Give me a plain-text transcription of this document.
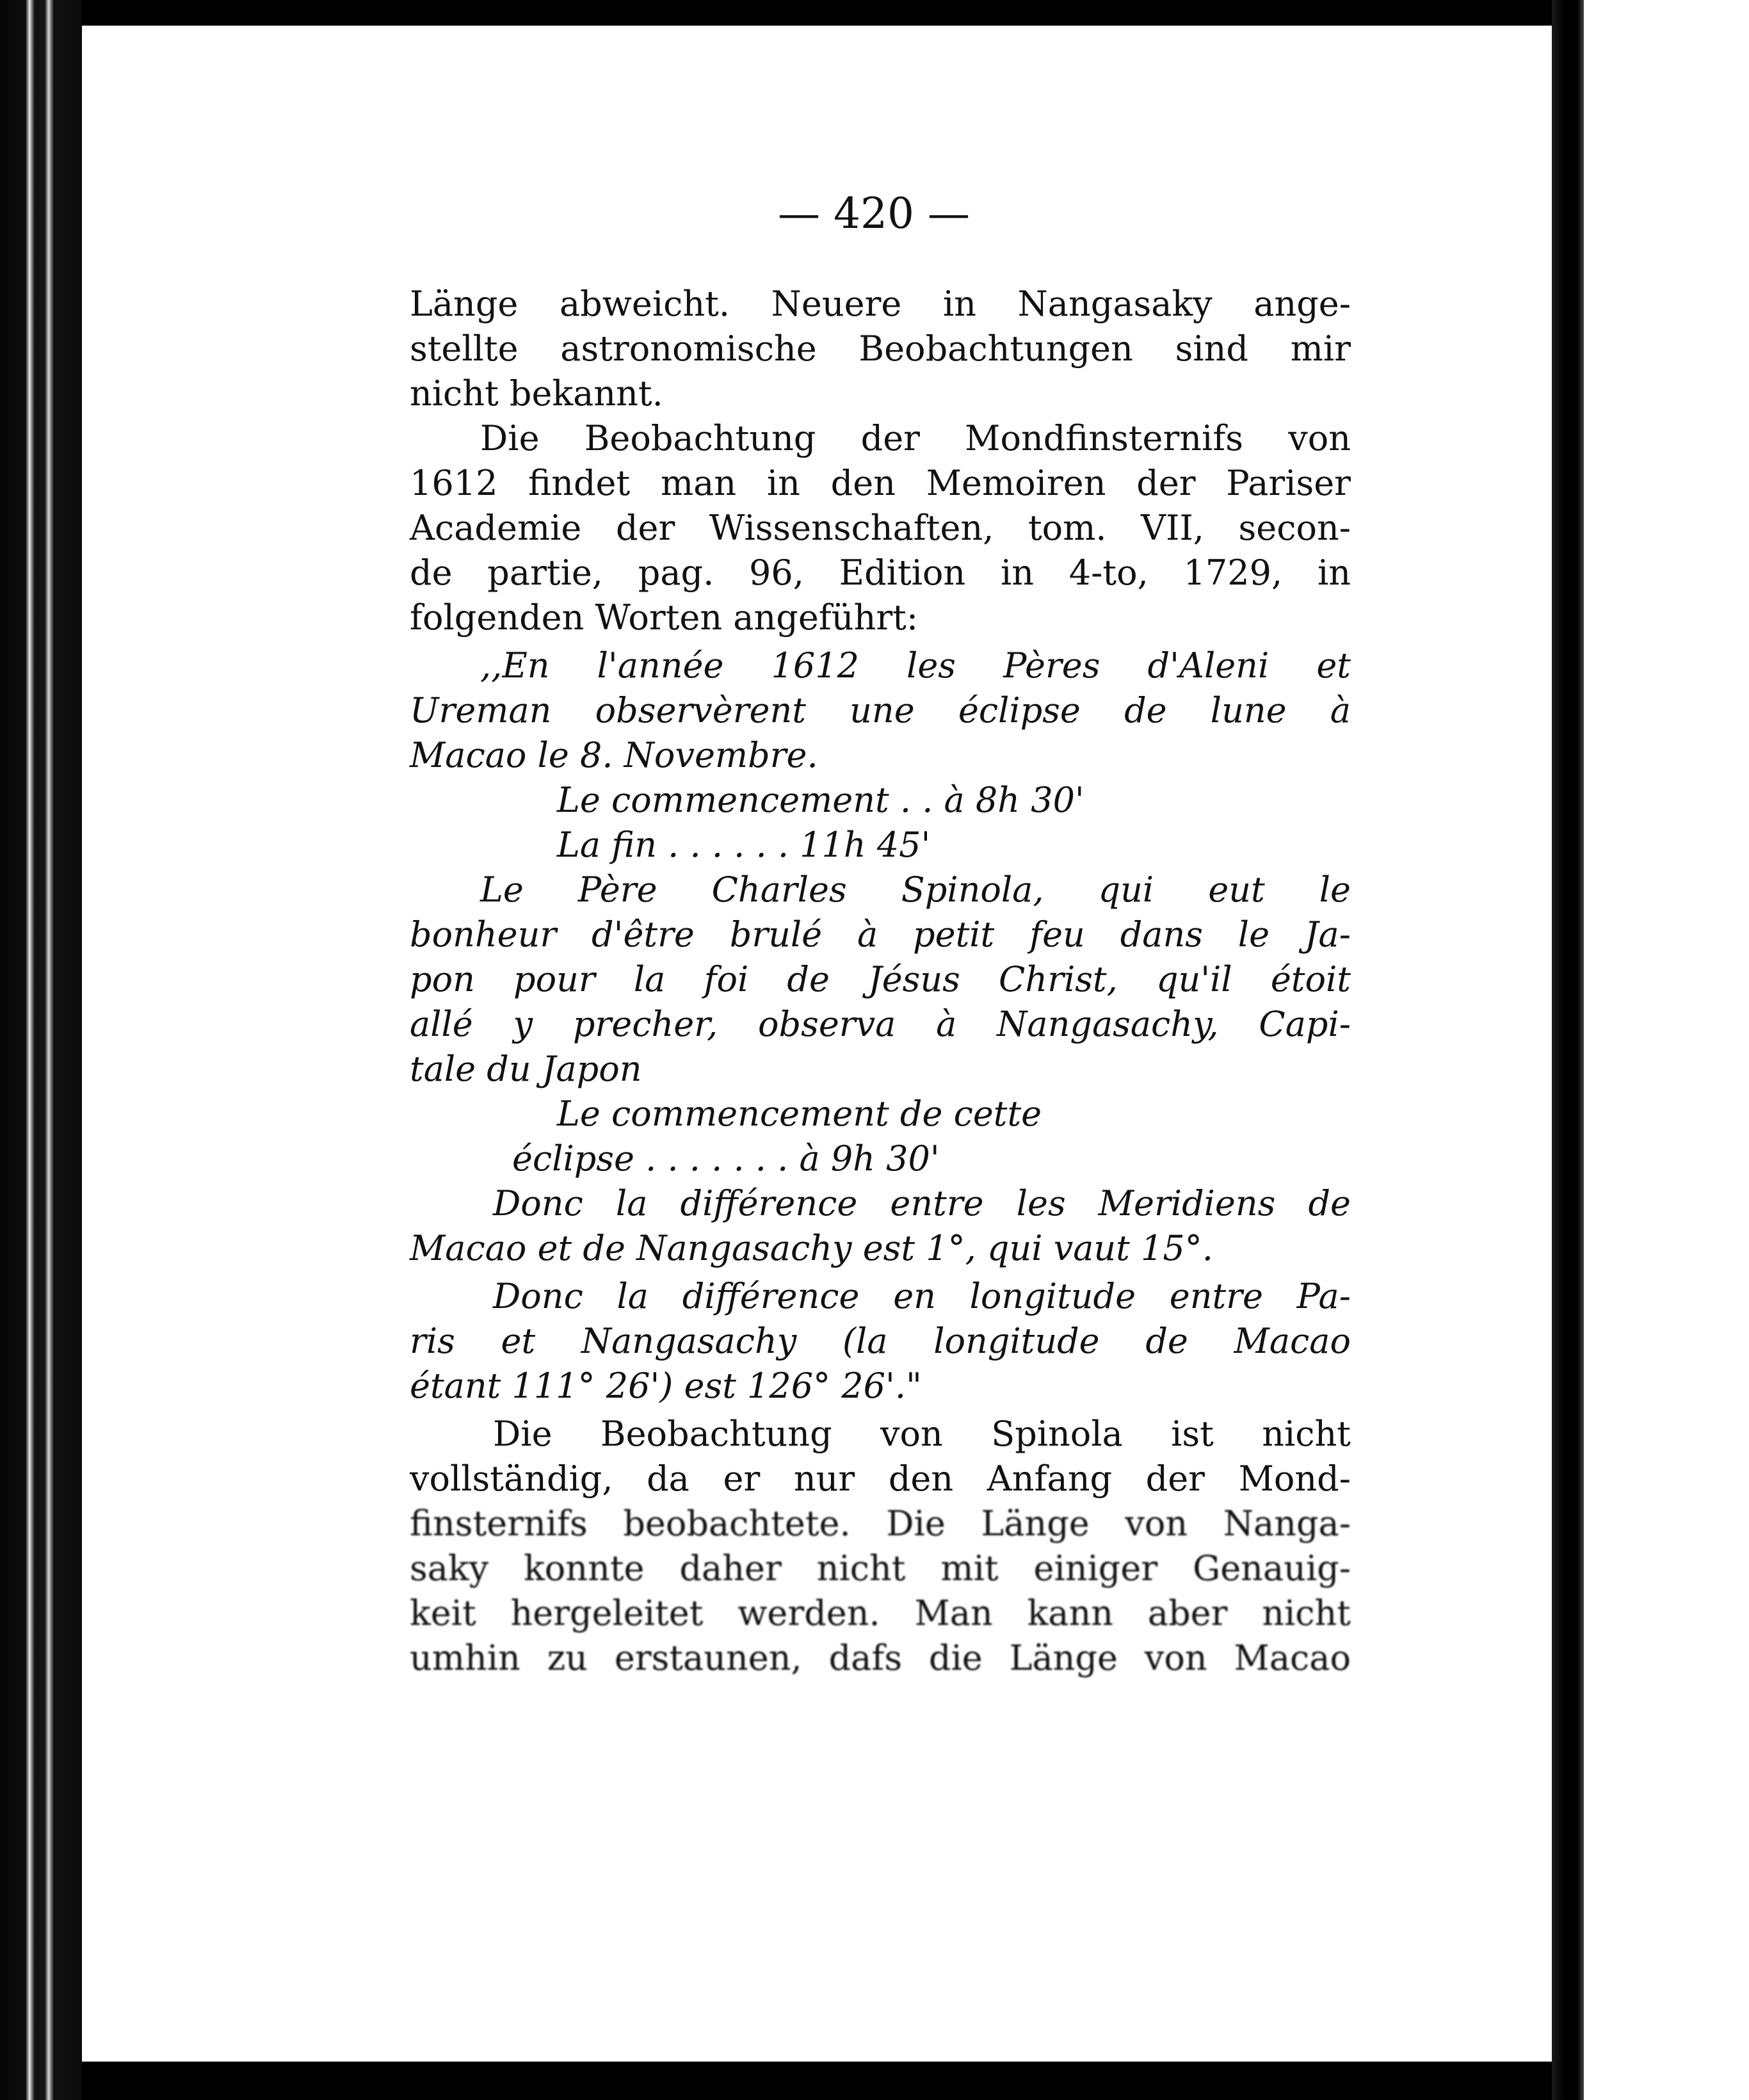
— 420 —
Länge abweicht. Neuere in Nangasaky ange-
stellte astronomische Beobachtungen sind mir
nicht bekannt.
Die Beobachtung der Mondfinsternifs von
1612 findet man in den Memoiren der Pariser
Academie der Wissenschaften, tom. VII, secon-
de partie, pag. 96, Edition in 4-to, 1729, in
folgenden Worten angeführt:
,,En l'année 1612 les Pères d'Aleni et
Ureman observèrent une éclipse de lune à
Macao le 8. Novembre.
Le commencement . . à 8h 30'
La fin . . . . . . 11h 45'
Le Père Charles Spinola, qui eut le
bonheur d'être brulé à petit feu dans le Ja-
pon pour la foi de Jésus Christ, qu'il étoit
allé y precher, observa à Nangasachy, Capi-
tale du Japon
Le commencement de cette
éclipse . . . . . . . à 9h 30'
Donc la différence entre les Meridiens de
Macao et de Nangasachy est 1°, qui vaut 15°.
Donc la différence en longitude entre Pa-
ris et Nangasachy (la longitude de Macao
étant 111° 26') est 126° 26'."
Die Beobachtung von Spinola ist nicht
vollständig, da er nur den Anfang der Mond-
finsternifs beobachtete. Die Länge von Nanga-
saky konnte daher nicht mit einiger Genauig-
keit hergeleitet werden. Man kann aber nicht
umhin zu erstaunen, dafs die Länge von Macao
